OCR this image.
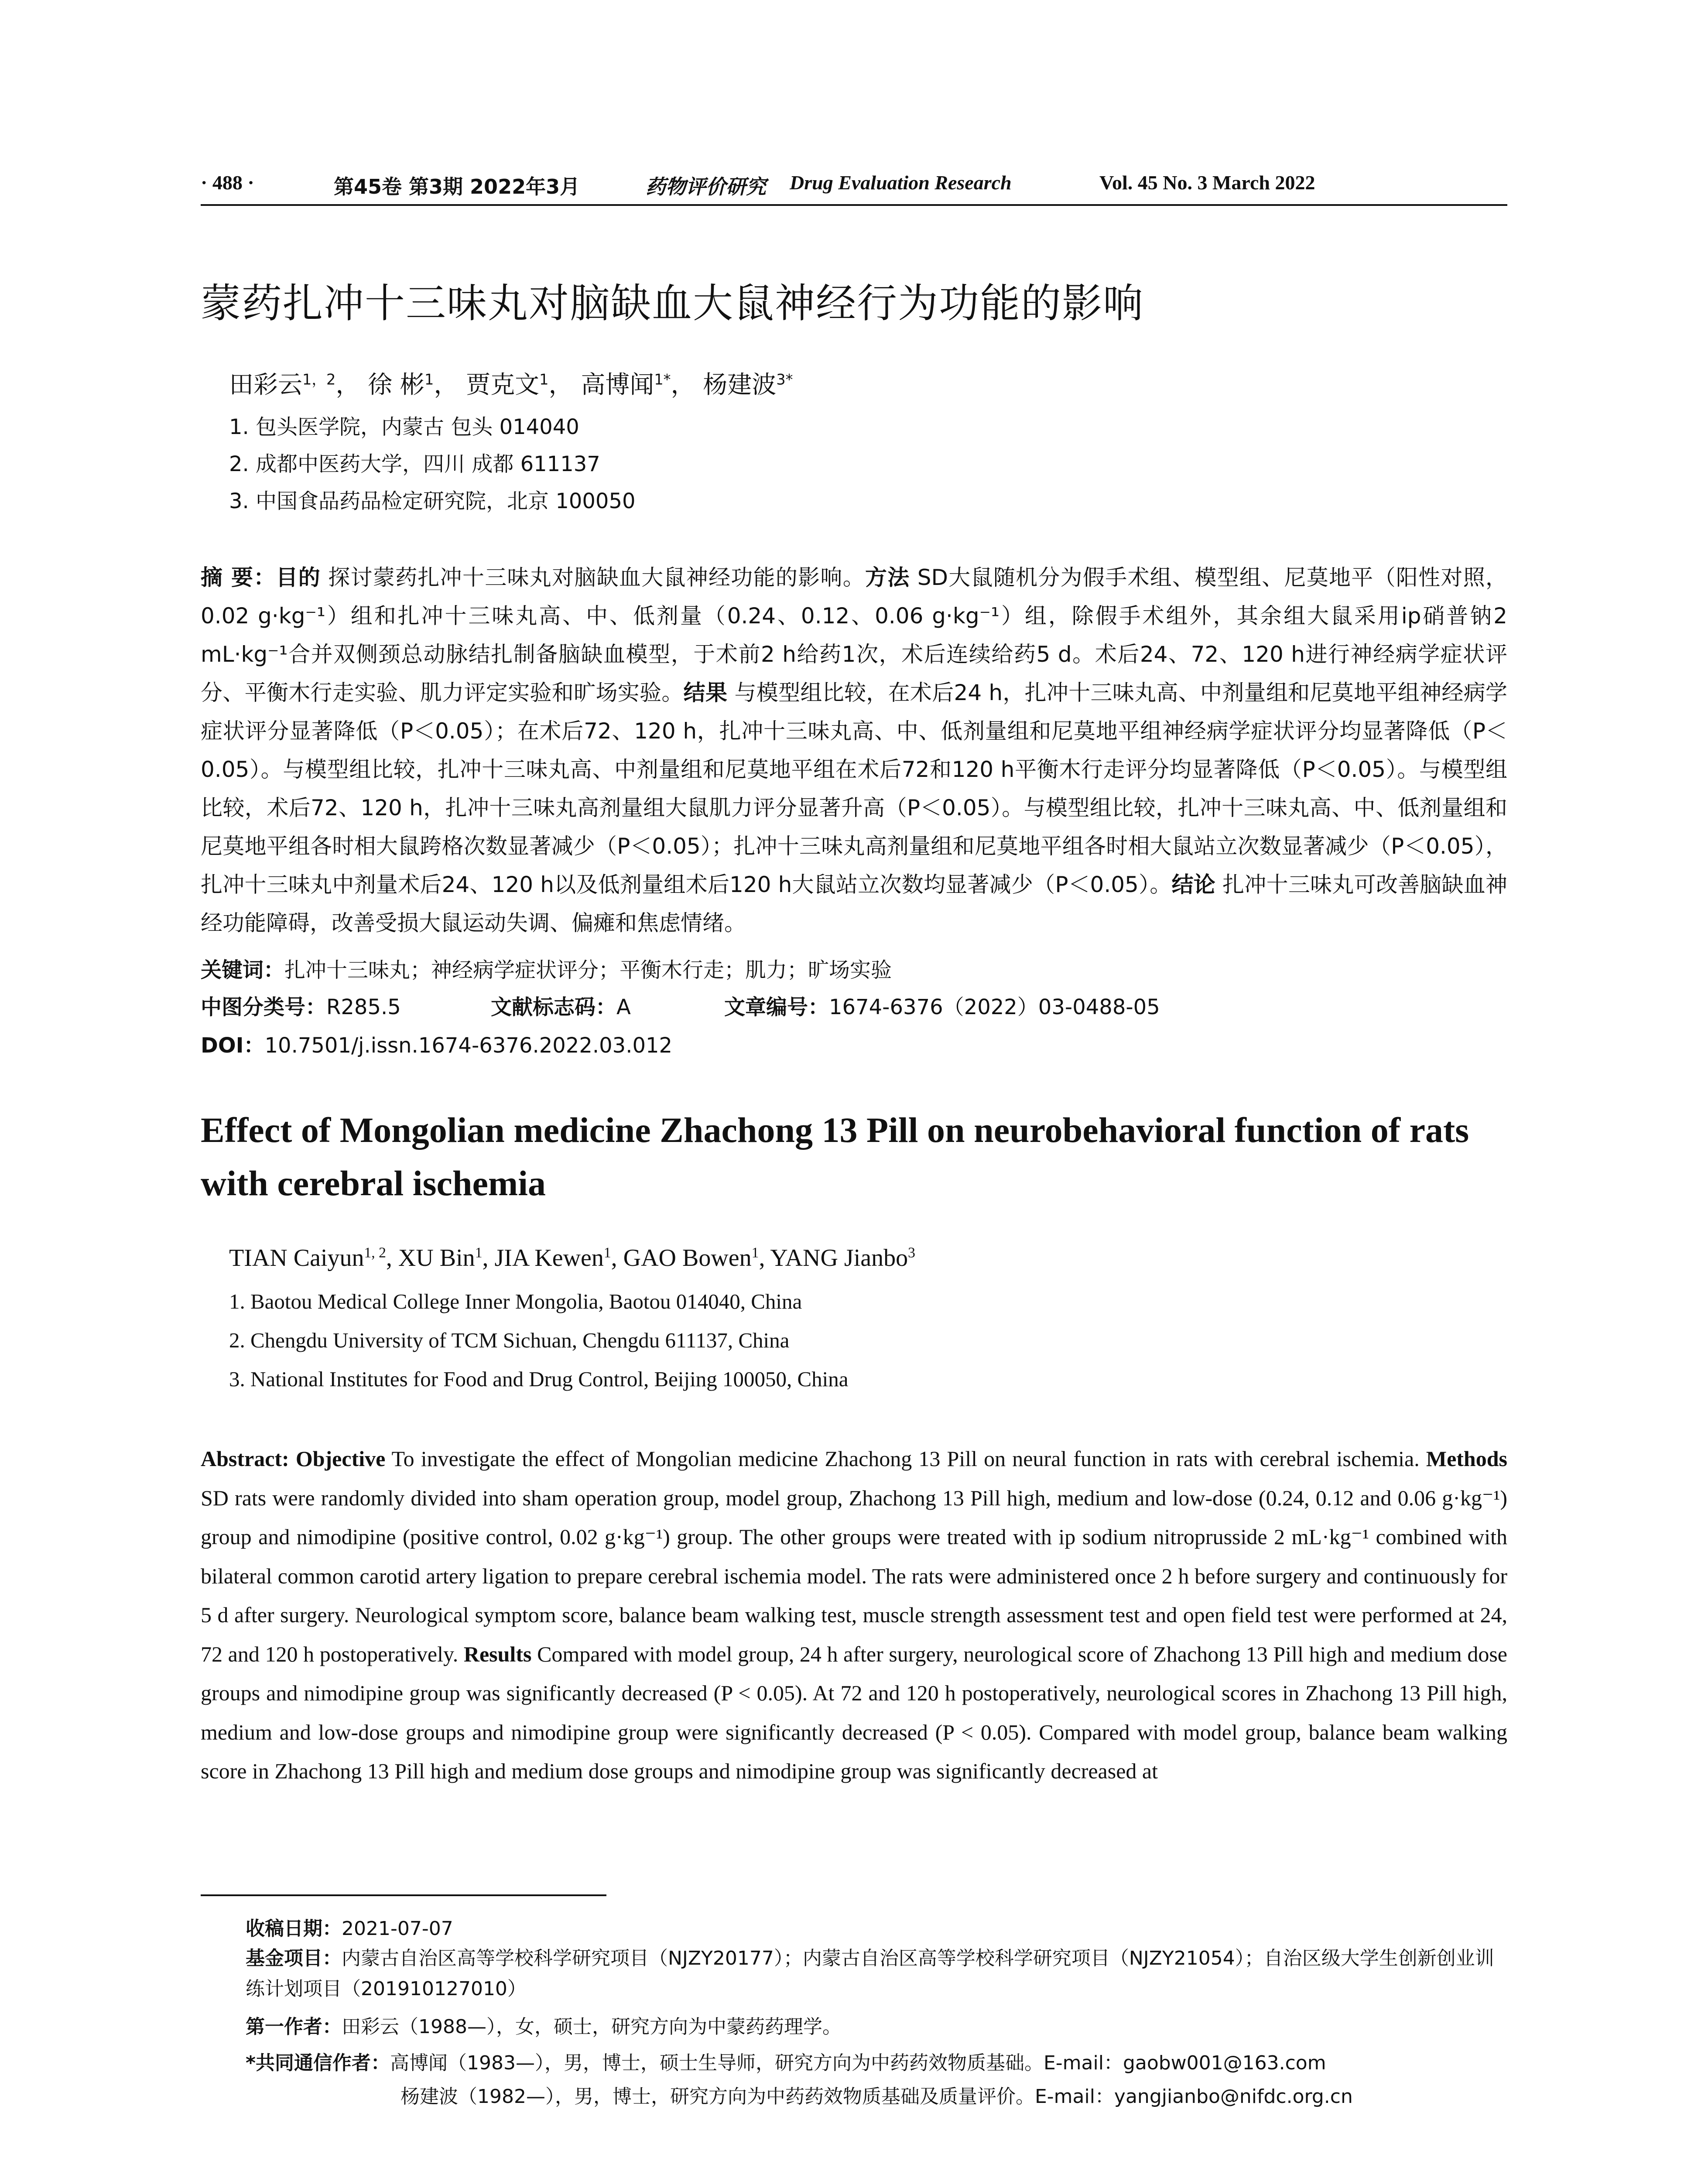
· 488 ·	第45卷 第3期 2022年3月	药物评价研究 Drug Evaluation Research	Vol. 45 No. 3 March 2022
蒙药扎冲十三味丸对脑缺血大鼠神经行为功能的影响
田彩云$^{1,2}$， 徐 彬$^1$， 贾克文$^1$， 高博闻$^{1*}$， 杨建波$^{3*}$
1. 包头医学院，内蒙古 包头 014040
2. 成都中医药大学，四川 成都 611137
3. 中国食品药品检定研究院，北京 100050
摘 要：目的 探讨蒙药扎冲十三味丸对脑缺血大鼠神经功能的影响。方法 SD大鼠随机分为假手术组、模型组、尼莫地平（阳性对照，0.02 g·kg⁻¹）组和扎冲十三味丸高、中、低剂量（0.24、0.12、0.06 g·kg⁻¹）组，除假手术组外，其余组大鼠采用ip硝普钠2 mL·kg⁻¹合并双侧颈总动脉结扎制备脑缺血模型，于术前2 h给药1次，术后连续给药5 d。术后24、72、120 h进行神经病学症状评分、平衡木行走实验、肌力评定实验和旷场实验。结果 与模型组比较，在术后24 h，扎冲十三味丸高、中剂量组和尼莫地平组神经病学症状评分显著降低（P＜0.05）；在术后72、120 h，扎冲十三味丸高、中、低剂量组和尼莫地平组神经病学症状评分均显著降低（P＜0.05）。与模型组比较，扎冲十三味丸高、中剂量组和尼莫地平组在术后72和120 h平衡木行走评分均显著降低（P＜0.05）。与模型组比较，术后72、120 h，扎冲十三味丸高剂量组大鼠肌力评分显著升高（P＜0.05）。与模型组比较，扎冲十三味丸高、中、低剂量组和尼莫地平组各时相大鼠跨格次数显著减少（P＜0.05）；扎冲十三味丸高剂量组和尼莫地平组各时相大鼠站立次数显著减少（P＜0.05），扎冲十三味丸中剂量术后24、120 h以及低剂量组术后120 h大鼠站立次数均显著减少（P＜0.05）。结论 扎冲十三味丸可改善脑缺血神经功能障碍，改善受损大鼠运动失调、偏瘫和焦虑情绪。
关键词：扎冲十三味丸；神经病学症状评分；平衡木行走；肌力；旷场实验
中图分类号：R285.5	文献标志码：A	文章编号：1674-6376（2022）03-0488-05
DOI：10.7501/j.issn.1674-6376.2022.03.012
Effect of Mongolian medicine Zhachong 13 Pill on neurobehavioral function of rats with cerebral ischemia
TIAN Caiyun$^{1, 2}$, XU Bin$^1$, JIA Kewen$^1$, GAO Bowen$^1$, YANG Jianbo$^3$
1. Baotou Medical College Inner Mongolia, Baotou 014040, China
2. Chengdu University of TCM Sichuan, Chengdu 611137, China
3. National Institutes for Food and Drug Control, Beijing 100050, China
Abstract: Objective To investigate the effect of Mongolian medicine Zhachong 13 Pill on neural function in rats with cerebral ischemia. Methods SD rats were randomly divided into sham operation group, model group, Zhachong 13 Pill high, medium and low-dose (0.24, 0.12 and 0.06 g·kg⁻¹) group and nimodipine (positive control, 0.02 g·kg⁻¹) group. The other groups were treated with ip sodium nitroprusside 2 mL·kg⁻¹ combined with bilateral common carotid artery ligation to prepare cerebral ischemia model. The rats were administered once 2 h before surgery and continuously for 5 d after surgery. Neurological symptom score, balance beam walking test, muscle strength assessment test and open field test were performed at 24, 72 and 120 h postoperatively. Results Compared with model group, 24 h after surgery, neurological score of Zhachong 13 Pill high and medium dose groups and nimodipine group was significantly decreased (P < 0.05). At 72 and 120 h postoperatively, neurological scores in Zhachong 13 Pill high, medium and low-dose groups and nimodipine group were significantly decreased (P < 0.05). Compared with model group, balance beam walking score in Zhachong 13 Pill high and medium dose groups and nimodipine group was significantly decreased at
收稿日期：2021-07-07
基金项目：内蒙古自治区高等学校科学研究项目（NJZY20177）；内蒙古自治区高等学校科学研究项目（NJZY21054）；自治区级大学生创新创业训练计划项目（201910127010）
第一作者：田彩云（1988—），女，硕士，研究方向为中蒙药药理学。
*共同通信作者：高博闻（1983—），男，博士，硕士生导师，研究方向为中药药效物质基础。E-mail：gaobw001@163.com
杨建波（1982—），男，博士，研究方向为中药药效物质基础及质量评价。E-mail：yangjianbo@nifdc.org.cn
